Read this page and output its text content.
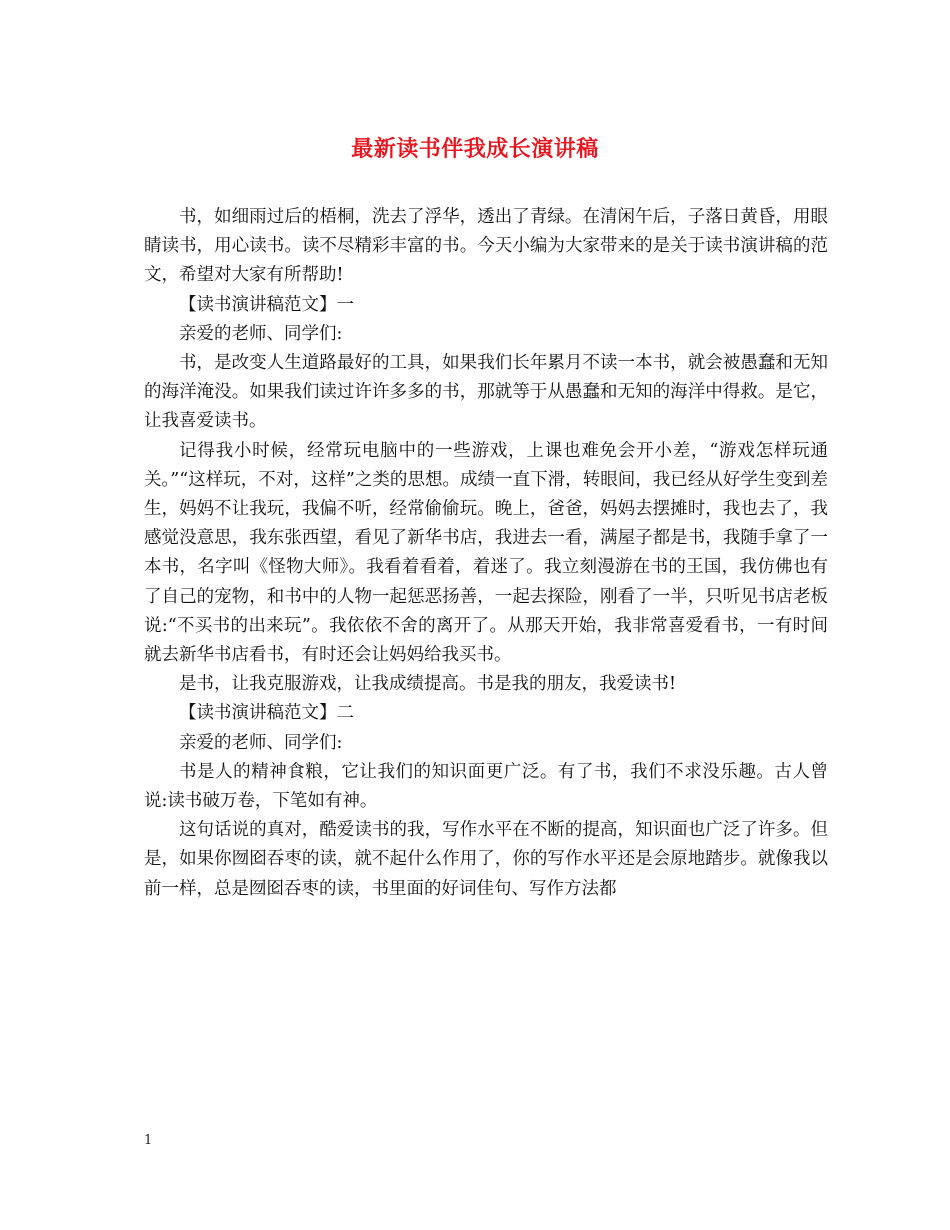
最新读书伴我成长演讲稿

书，如细雨过后的梧桐，洗去了浮华，透出了青绿。在清闲午后，子落日黄昏，用眼睛读书，用心读书。读不尽精彩丰富的书。今天小编为大家带来的是关于读书演讲稿的范文，希望对大家有所帮助!

【读书演讲稿范文】一

亲爱的老师、同学们:

书，是改变人生道路最好的工具，如果我们长年累月不读一本书，就会被愚蠢和无知的海洋淹没。如果我们读过许许多多的书，那就等于从愚蠢和无知的海洋中得救。是它，让我喜爱读书。

记得我小时候，经常玩电脑中的一些游戏，上课也难免会开小差，“游戏怎样玩通关。”“这样玩，不对，这样”之类的思想。成绩一直下滑，转眼间，我已经从好学生变到差生，妈妈不让我玩，我偏不听，经常偷偷玩。晚上，爸爸，妈妈去摆摊时，我也去了，我感觉没意思，我东张西望，看见了新华书店，我进去一看，满屋子都是书，我随手拿了一本书，名字叫《怪物大师》。我看着看着，着迷了。我立刻漫游在书的王国，我仿佛也有了自己的宠物，和书中的人物一起惩恶扬善，一起去探险，刚看了一半，只听见书店老板说:“不买书的出来玩”。我依依不舍的离开了。从那天开始，我非常喜爱看书，一有时间就去新华书店看书，有时还会让妈妈给我买书。

是书，让我克服游戏，让我成绩提高。书是我的朋友，我爱读书!

【读书演讲稿范文】二

亲爱的老师、同学们:

书是人的精神食粮，它让我们的知识面更广泛。有了书，我们不求没乐趣。古人曾说:读书破万卷，下笔如有神。

这句话说的真对，酷爱读书的我，写作水平在不断的提高，知识面也广泛了许多。但是，如果你囫囵吞枣的读，就不起什么作用了，你的写作水平还是会原地踏步。就像我以前一样，总是囫囵吞枣的读，书里面的好词佳句、写作方法都

1
